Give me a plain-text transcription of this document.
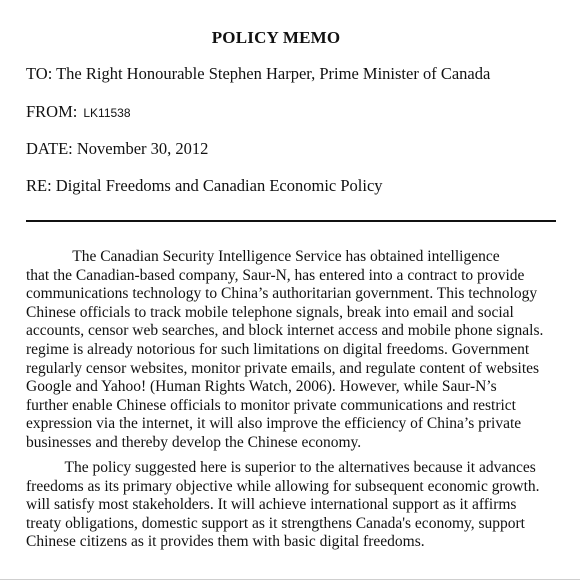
POLICY MEMO
TO: The Right Honourable Stephen Harper, Prime Minister of Canada
FROM: LK11538
DATE: November 30, 2012
RE: Digital Freedoms and Canadian Economic Policy
The Canadian Security Intelligence Service has obtained intelligence
that the Canadian-based company, Saur-N, has entered into a contract to provide
communications technology to China’s authoritarian government. This technology
Chinese officials to track mobile telephone signals, break into email and social
accounts, censor web searches, and block internet access and mobile phone signals.
regime is already notorious for such limitations on digital freedoms. Government
regularly censor websites, monitor private emails, and regulate content of websites
Google and Yahoo! (Human Rights Watch, 2006). However, while Saur-N’s
further enable Chinese officials to monitor private communications and restrict
expression via the internet, it will also improve the efficiency of China’s private
businesses and thereby develop the Chinese economy.
The policy suggested here is superior to the alternatives because it advances
freedoms as its primary objective while allowing for subsequent economic growth.
will satisfy most stakeholders. It will achieve international support as it affirms
treaty obligations, domestic support as it strengthens Canada's economy, support
Chinese citizens as it provides them with basic digital freedoms.
